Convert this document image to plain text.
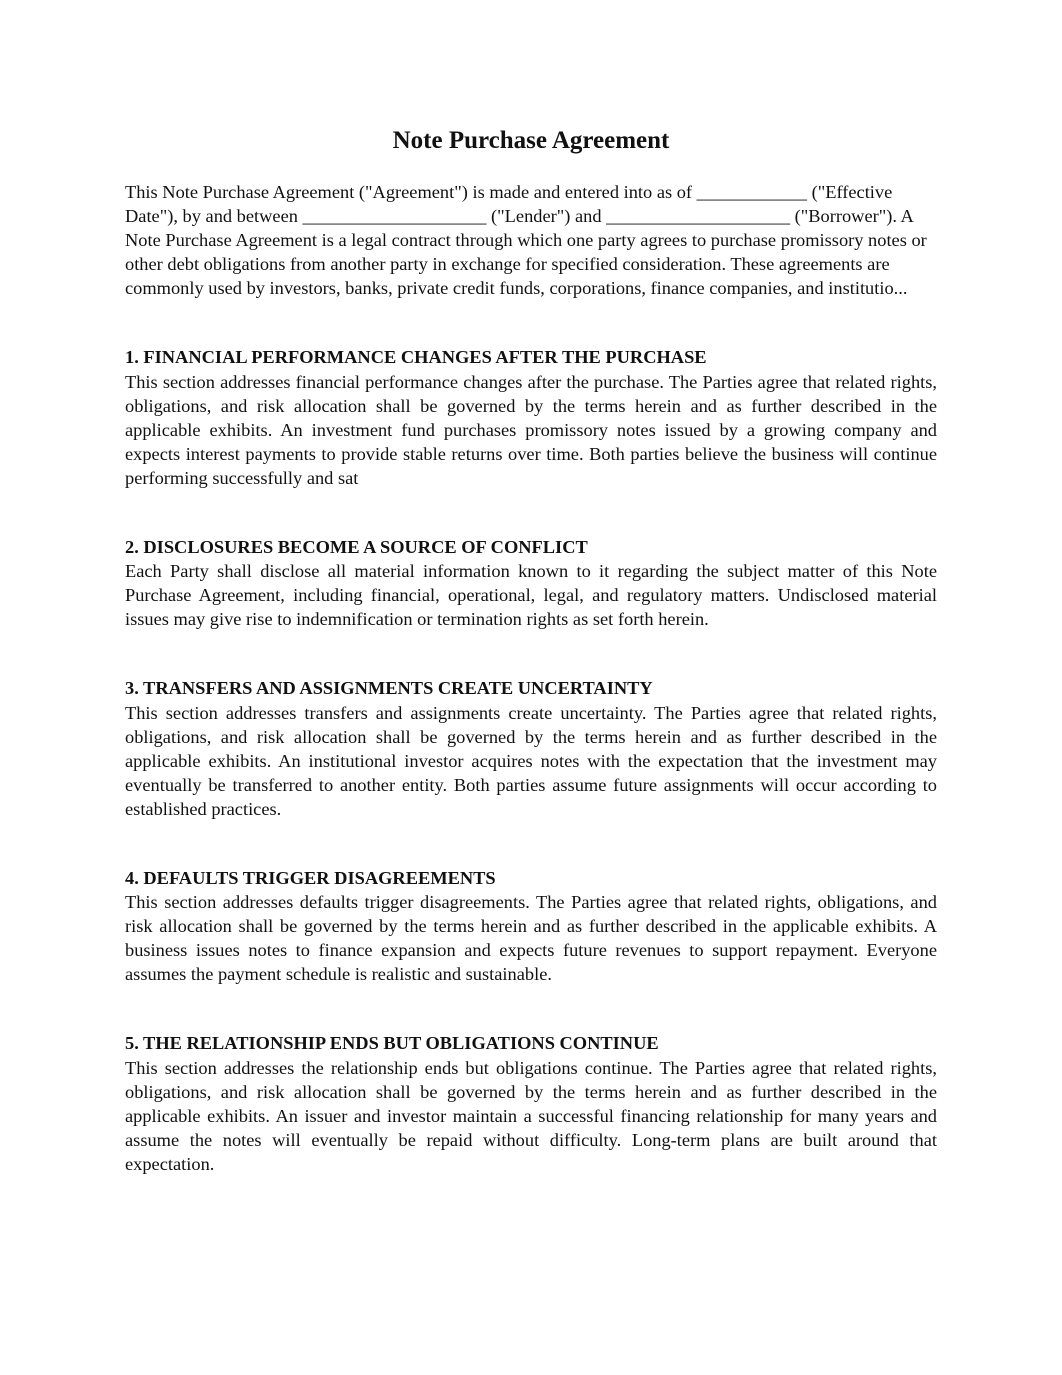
Note Purchase Agreement

This Note Purchase Agreement ("Agreement") is made and entered into as of ____________ ("Effective Date"), by and between ____________________ ("Lender") and ____________________ ("Borrower"). A Note Purchase Agreement is a legal contract through which one party agrees to purchase promissory notes or other debt obligations from another party in exchange for specified consideration. These agreements are commonly used by investors, banks, private credit funds, corporations, finance companies, and institutio...

1. FINANCIAL PERFORMANCE CHANGES AFTER THE PURCHASE

This section addresses financial performance changes after the purchase. The Parties agree that related rights, obligations, and risk allocation shall be governed by the terms herein and as further described in the applicable exhibits. An investment fund purchases promissory notes issued by a growing company and expects interest payments to provide stable returns over time. Both parties believe the business will continue performing successfully and sat

2. DISCLOSURES BECOME A SOURCE OF CONFLICT

Each Party shall disclose all material information known to it regarding the subject matter of this Note Purchase Agreement, including financial, operational, legal, and regulatory matters. Undisclosed material issues may give rise to indemnification or termination rights as set forth herein.

3. TRANSFERS AND ASSIGNMENTS CREATE UNCERTAINTY

This section addresses transfers and assignments create uncertainty. The Parties agree that related rights, obligations, and risk allocation shall be governed by the terms herein and as further described in the applicable exhibits. An institutional investor acquires notes with the expectation that the investment may eventually be transferred to another entity. Both parties assume future assignments will occur according to established practices.

4. DEFAULTS TRIGGER DISAGREEMENTS

This section addresses defaults trigger disagreements. The Parties agree that related rights, obligations, and risk allocation shall be governed by the terms herein and as further described in the applicable exhibits. A business issues notes to finance expansion and expects future revenues to support repayment. Everyone assumes the payment schedule is realistic and sustainable.

5. THE RELATIONSHIP ENDS BUT OBLIGATIONS CONTINUE

This section addresses the relationship ends but obligations continue. The Parties agree that related rights, obligations, and risk allocation shall be governed by the terms herein and as further described in the applicable exhibits. An issuer and investor maintain a successful financing relationship for many years and assume the notes will eventually be repaid without difficulty. Long-term plans are built around that expectation.
